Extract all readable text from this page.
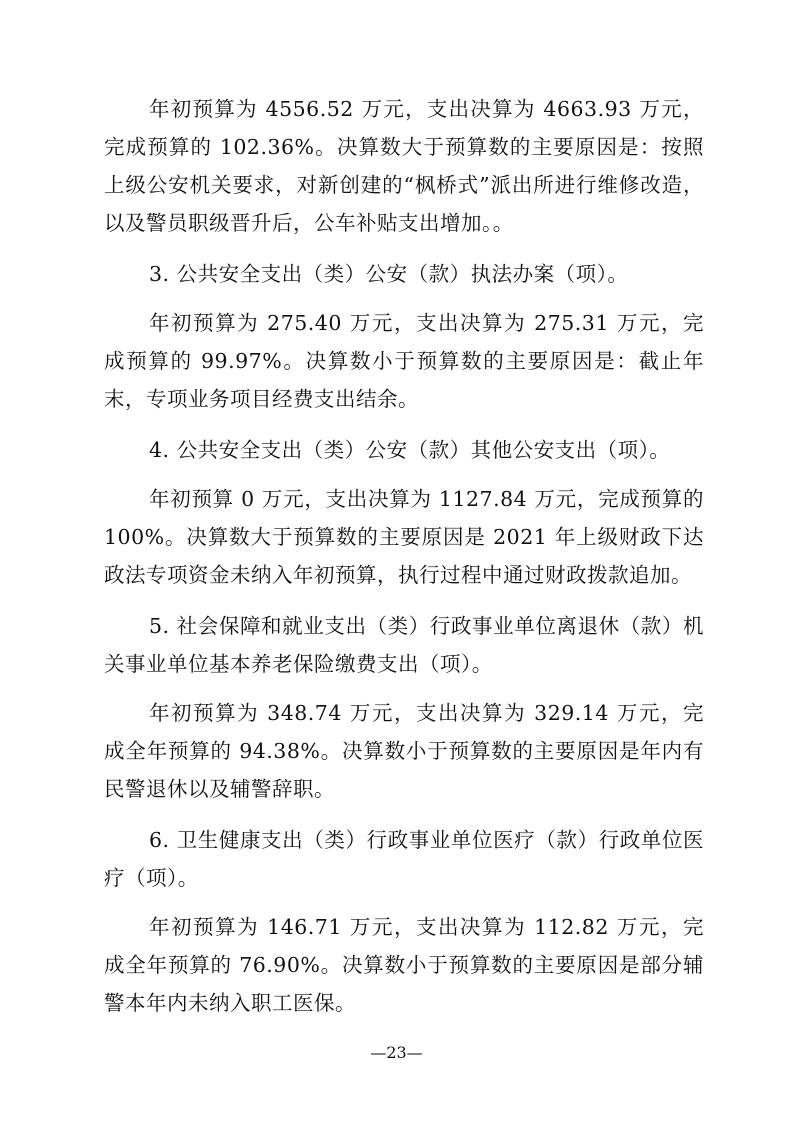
年初预算为 4556.52 万元，支出决算为 4663.93 万元，完成预算的 102.36%。决算数大于预算数的主要原因是：按照上级公安机关要求，对新创建的“枫桥式”派出所进行维修改造，以及警员职级晋升后，公车补贴支出增加。。

3. 公共安全支出（类）公安（款）执法办案（项）。

年初预算为 275.40 万元，支出决算为 275.31 万元，完成预算的 99.97%。决算数小于预算数的主要原因是：截止年末，专项业务项目经费支出结余。

4. 公共安全支出（类）公安（款）其他公安支出（项）。

年初预算 0 万元，支出决算为 1127.84 万元，完成预算的100%。决算数大于预算数的主要原因是 2021 年上级财政下达政法专项资金未纳入年初预算，执行过程中通过财政拨款追加。

5. 社会保障和就业支出（类）行政事业单位离退休（款）机关事业单位基本养老保险缴费支出（项）。

年初预算为 348.74 万元，支出决算为 329.14 万元，完成全年预算的 94.38%。决算数小于预算数的主要原因是年内有民警退休以及辅警辞职。

6. 卫生健康支出（类）行政事业单位医疗（款）行政单位医疗（项）。

年初预算为 146.71 万元，支出决算为 112.82 万元，完成全年预算的 76.90%。决算数小于预算数的主要原因是部分辅警本年内未纳入职工医保。

—23—
